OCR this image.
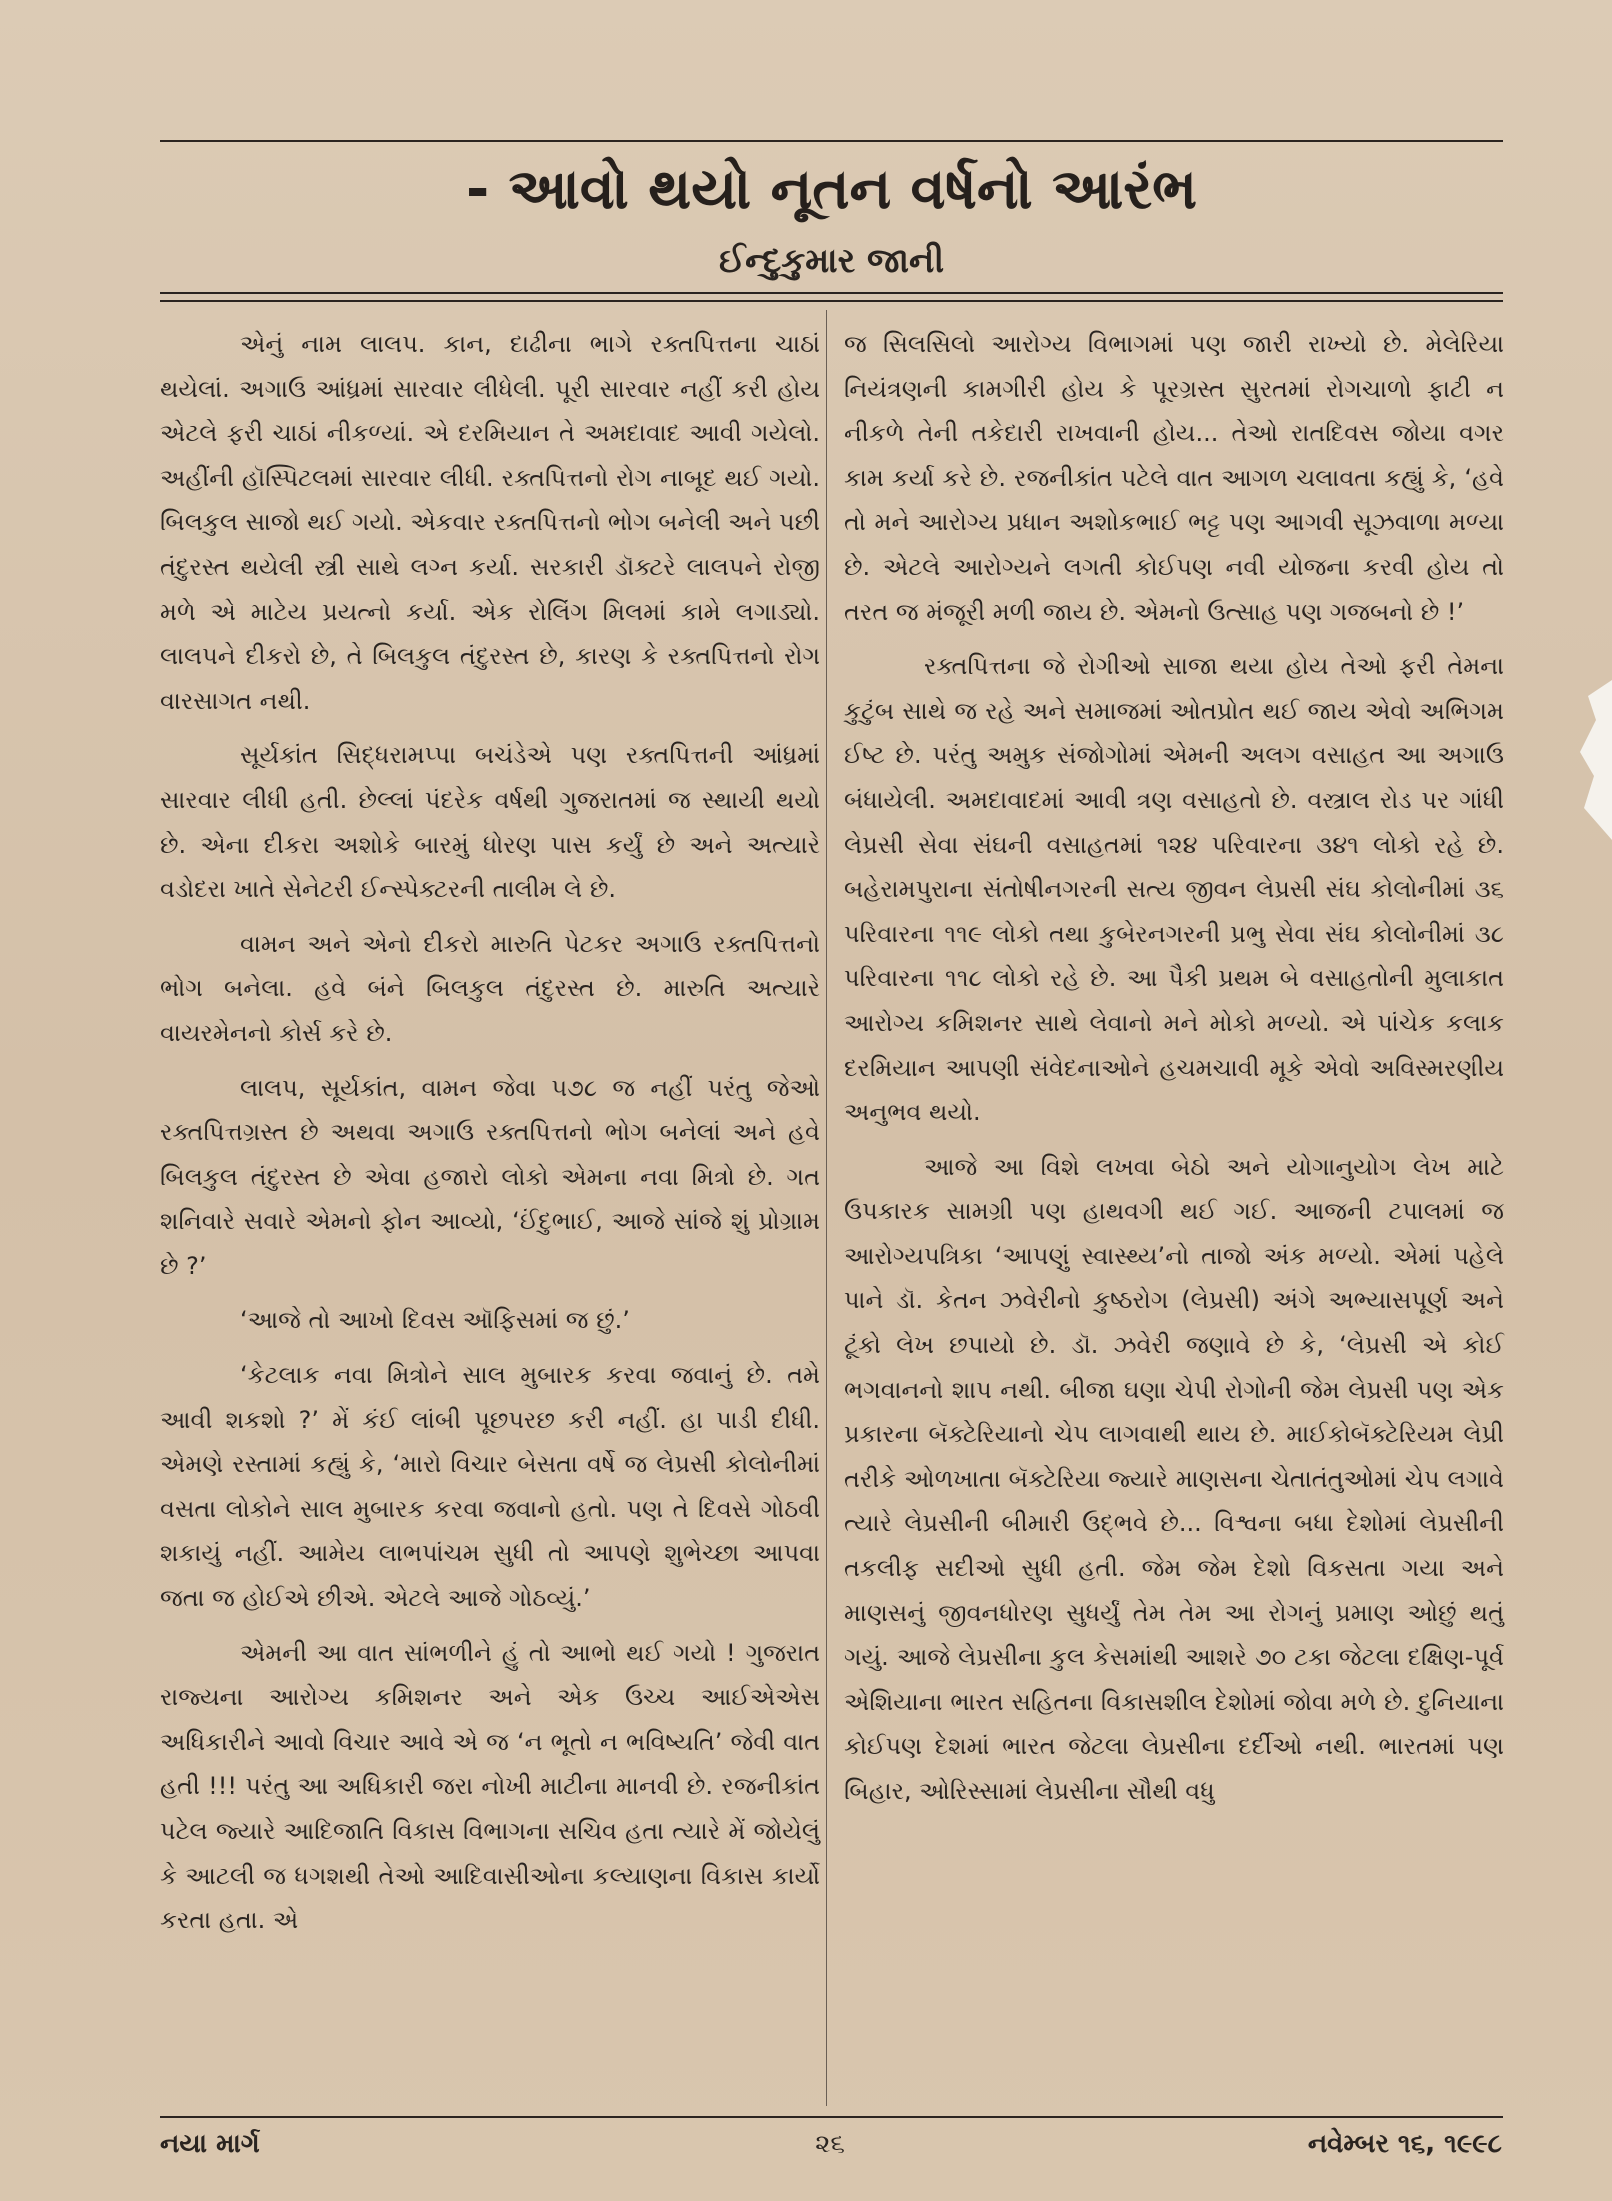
- આવો થયો નૂતન વર્ષનો આરંભ
ઈન્દુકુમાર જાની

એનું નામ લાલપ. કાન, દાઢીના ભાગે રક્તપિત્તના ચાઠાં થયેલાં. અગાઉ આંધ્રમાં સારવાર લીધેલી. પૂરી સારવાર નહીં કરી હોય એટલે ફરી ચાઠાં નીકળ્યાં. એ દરમિયાન તે અમદાવાદ આવી ગયેલો. અહીંની હૉસ્પિટલમાં સારવાર લીધી. રક્તપિત્તનો રોગ નાબૂદ થઈ ગયો. બિલકુલ સાજો થઈ ગયો. એકવાર રક્તપિત્તનો ભોગ બનેલી અને પછી તંદુરસ્ત થયેલી સ્ત્રી સાથે લગ્ન કર્યા. સરકારી ડૉક્ટરે લાલપને રોજી મળે એ માટેય પ્રયત્નો કર્યા. એક રોલિંગ મિલમાં કામે લગાડ્યો. લાલપને દીકરો છે, તે બિલકુલ તંદુરસ્ત છે, કારણ કે રક્તપિત્તનો રોગ વારસાગત નથી.

સૂર્યકાંત સિદ્ધરામપ્પા બચંડેએ પણ રક્તપિત્તની આંધ્રમાં સારવાર લીધી હતી. છેલ્લાં પંદરેક વર્ષથી ગુજરાતમાં જ સ્થાયી થયો છે. એના દીકરા અશોકે બારમું ધોરણ પાસ કર્યું છે અને અત્યારે વડોદરા ખાતે સેનેટરી ઈન્સ્પેક્ટરની તાલીમ લે છે.

વામન અને એનો દીકરો મારુતિ પેટકર અગાઉ રક્તપિત્તનો ભોગ બનેલા. હવે બંને બિલકુલ તંદુરસ્ત છે. મારુતિ અત્યારે વાયરમેનનો કોર્સ કરે છે.

લાલપ, સૂર્યકાંત, વામન જેવા ૫૭૮ જ નહીં પરંતુ જેઓ રક્તપિત્તગ્રસ્ત છે અથવા અગાઉ રક્તપિત્તનો ભોગ બનેલાં અને હવે બિલકુલ તંદુરસ્ત છે એવા હજારો લોકો એમના નવા મિત્રો છે. ગત શનિવારે સવારે એમનો ફોન આવ્યો, ‘ઈંદુભાઈ, આજે સાંજે શું પ્રોગ્રામ છે ?’

‘આજે તો આખો દિવસ ઑફિસમાં જ છું.’

‘કેટલાક નવા મિત્રોને સાલ મુબારક કરવા જવાનું છે. તમે આવી શકશો ?’ મેં કંઈ લાંબી પૂછપરછ કરી નહીં. હા પાડી દીધી. એમણે રસ્તામાં કહ્યું કે, ‘મારો વિચાર બેસતા વર્ષે જ લેપ્રસી કોલોનીમાં વસતા લોકોને સાલ મુબારક કરવા જવાનો હતો. પણ તે દિવસે ગોઠવી શકાયું નહીં. આમેય લાભપાંચમ સુધી તો આપણે શુભેચ્છા આપવા જતા જ હોઈએ છીએ. એટલે આજે ગોઠવ્યું.’

એમની આ વાત સાંભળીને હું તો આભો થઈ ગયો ! ગુજરાત રાજ્યના આરોગ્ય કમિશનર અને એક ઉચ્ચ આઈએએસ અધિકારીને આવો વિચાર આવે એ જ ‘ન ભૂતો ન ભવિષ્યતિ’ જેવી વાત હતી !!! પરંતુ આ અધિકારી જરા નોખી માટીના માનવી છે. રજનીકાંત પટેલ જ્યારે આદિજાતિ વિકાસ વિભાગના સચિવ હતા ત્યારે મેં જોયેલું કે આટલી જ ધગશથી તેઓ આદિવાસીઓના કલ્યાણના વિકાસ કાર્યો કરતા હતા. એ

જ સિલસિલો આરોગ્ય વિભાગમાં પણ જારી રાખ્યો છે. મેલેરિયા નિયંત્રણની કામગીરી હોય કે પૂરગ્રસ્ત સુરતમાં રોગચાળો ફાટી ન નીકળે તેની તકેદારી રાખવાની હોય... તેઓ રાતદિવસ જોયા વગર કામ કર્યા કરે છે. રજનીકાંત પટેલે વાત આગળ ચલાવતા કહ્યું કે, ‘હવે તો મને આરોગ્ય પ્રધાન અશોકભાઈ ભટ્ટ પણ આગવી સૂઝવાળા મળ્યા છે. એટલે આરોગ્યને લગતી કોઈપણ નવી યોજના કરવી હોય તો તરત જ મંજૂરી મળી જાય છે. એમનો ઉત્સાહ પણ ગજબનો છે !’

રક્તપિત્તના જે રોગીઓ સાજા થયા હોય તેઓ ફરી તેમના કુટુંબ સાથે જ રહે અને સમાજમાં ઓતપ્રોત થઈ જાય એવો અભિગમ ઈષ્ટ છે. પરંતુ અમુક સંજોગોમાં એમની અલગ વસાહત આ અગાઉ બંધાયેલી. અમદાવાદમાં આવી ત્રણ વસાહતો છે. વસ્ત્રાલ રોડ પર ગાંધી લેપ્રસી સેવા સંઘની વસાહતમાં ૧૨૪ પરિવારના ૩૪૧ લોકો રહે છે. બહેરામપુરાના સંતોષીનગરની સત્ય જીવન લેપ્રસી સંઘ કોલોનીમાં ૩૬ પરિવારના ૧૧૯ લોકો તથા કુબેરનગરની પ્રભુ સેવા સંઘ કોલોનીમાં ૩૮ પરિવારના ૧૧૮ લોકો રહે છે. આ પૈકી પ્રથમ બે વસાહતોની મુલાકાત આરોગ્ય કમિશનર સાથે લેવાનો મને મોકો મળ્યો. એ પાંચેક કલાક દરમિયાન આપણી સંવેદનાઓને હચમચાવી મૂકે એવો અવિસ્મરણીય અનુભવ થયો.

આજે આ વિશે લખવા બેઠો અને યોગાનુયોગ લેખ માટે ઉપકારક સામગ્રી પણ હાથવગી થઈ ગઈ. આજની ટપાલમાં જ આરોગ્યપત્રિકા ‘આપણું સ્વાસ્થ્ય’નો તાજો અંક મળ્યો. એમાં પહેલે પાને ડૉ. કેતન ઝવેરીનો કુષ્ઠરોગ (લેપ્રસી) અંગે અભ્યાસપૂર્ણ અને ટૂંકો લેખ છપાયો છે. ડૉ. ઝવેરી જણાવે છે કે, ‘લેપ્રસી એ કોઈ ભગવાનનો શાપ નથી. બીજા ઘણા ચેપી રોગોની જેમ લેપ્રસી પણ એક પ્રકારના બૅક્ટેરિયાનો ચેપ લાગવાથી થાય છે. માઈકોબૅક્ટેરિયમ લેપ્રી તરીકે ઓળખાતા બૅક્ટેરિયા જ્યારે માણસના ચેતાતંતુઓમાં ચેપ લગાવે ત્યારે લેપ્રસીની બીમારી ઉદ્ભવે છે... વિશ્વના બધા દેશોમાં લેપ્રસીની તકલીફ સદીઓ સુધી હતી. જેમ જેમ દેશો વિકસતા ગયા અને માણસનું જીવનધોરણ સુધર્યું તેમ તેમ આ રોગનું પ્રમાણ ઓછું થતું ગયું. આજે લેપ્રસીના કુલ કેસમાંથી આશરે ૭૦ ટકા જેટલા દક્ષિણ-પૂર્વ એશિયાના ભારત સહિતના વિકાસશીલ દેશોમાં જોવા મળે છે. દુનિયાના કોઈપણ દેશમાં ભારત જેટલા લેપ્રસીના દર્દીઓ નથી. ભારતમાં પણ બિહાર, ઓરિસ્સામાં લેપ્રસીના સૌથી વધુ

નયા માર્ગ	૨૬	નવેમ્બર ૧૬, ૧૯૯૮
